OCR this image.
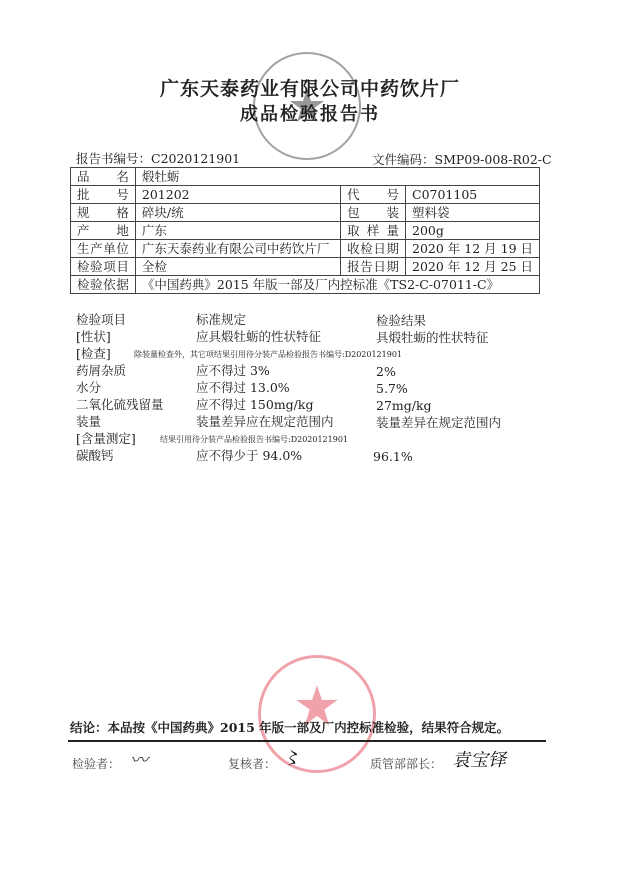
广东天泰药业有限公司中药饮片厂
成品检验报告书
报告书编号：C2020121901	文件编码：SMP09-008-R02-C
品　名	煅牡蛎		
批　号	201202	代　号	C0701105
规　格	碎块/统	包　装	塑料袋
产　地	广东	取样量	200g
生产单位	广东天泰药业有限公司中药饮片厂	收检日期	2020 年 12 月 19 日
检验项目	全检	报告日期	2020 年 12 月 25 日
检验依据	《中国药典》2015 年版一部及厂内控标准《TS2-C-07011-C》		
检验项目	标准规定	检验结果
[性状]	应具煅牡蛎的性状特征	具煅牡蛎的性状特征
[检查]	除装量检查外，其它项结果引用待分装产品检验报告书编号:D2020121901
药屑杂质	应不得过 3%	2%
水分	应不得过 13.0%	5.7%
二氧化硫残留量	应不得过 150mg/kg	27mg/kg
装量	装量差异应在规定范围内	装量差异在规定范围内
[含量测定]	结果引用待分装产品检验报告书编号:D2020121901
碳酸钙	应不得少于 94.0%	96.1%
结论：本品按《中国药典》2015 年版一部及厂内控标准检验，结果符合规定。
检验者： 〰	复核者： 〻	质管部部长： 袁宝铎
